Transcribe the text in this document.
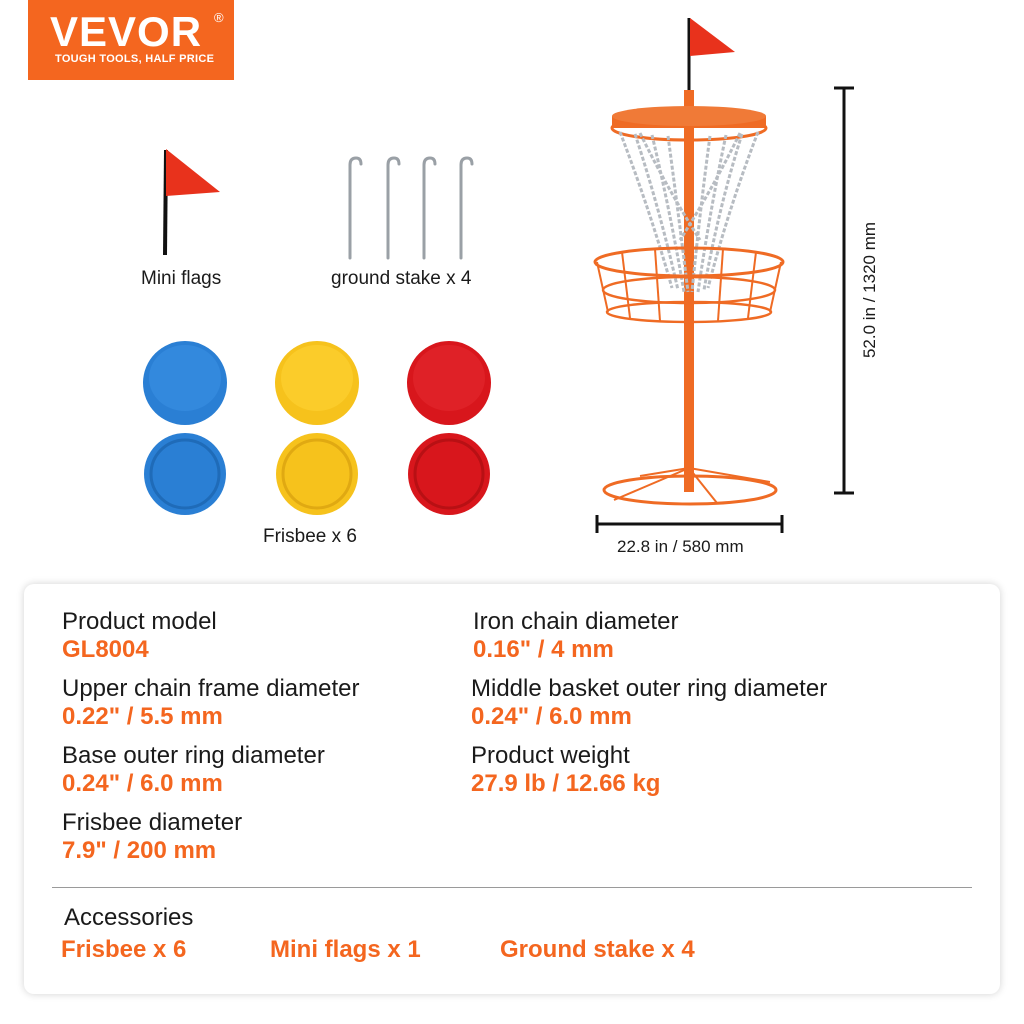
VEVOR ®
TOUGH TOOLS, HALF PRICE
Mini flags	ground stake x 4
Frisbee x 6
52.0 in / 1320 mm
22.8 in / 580 mm
Product model
GL8004
Iron chain diameter
0.16" / 4 mm
Upper chain frame diameter
0.22" / 5.5 mm
Middle basket outer ring diameter
0.24" / 6.0 mm
Base outer ring diameter
0.24" / 6.0 mm
Product weight
27.9 lb / 12.66 kg
Frisbee diameter
7.9" / 200 mm
Accessories
Frisbee x 6	Mini flags x 1	Ground stake x 4
